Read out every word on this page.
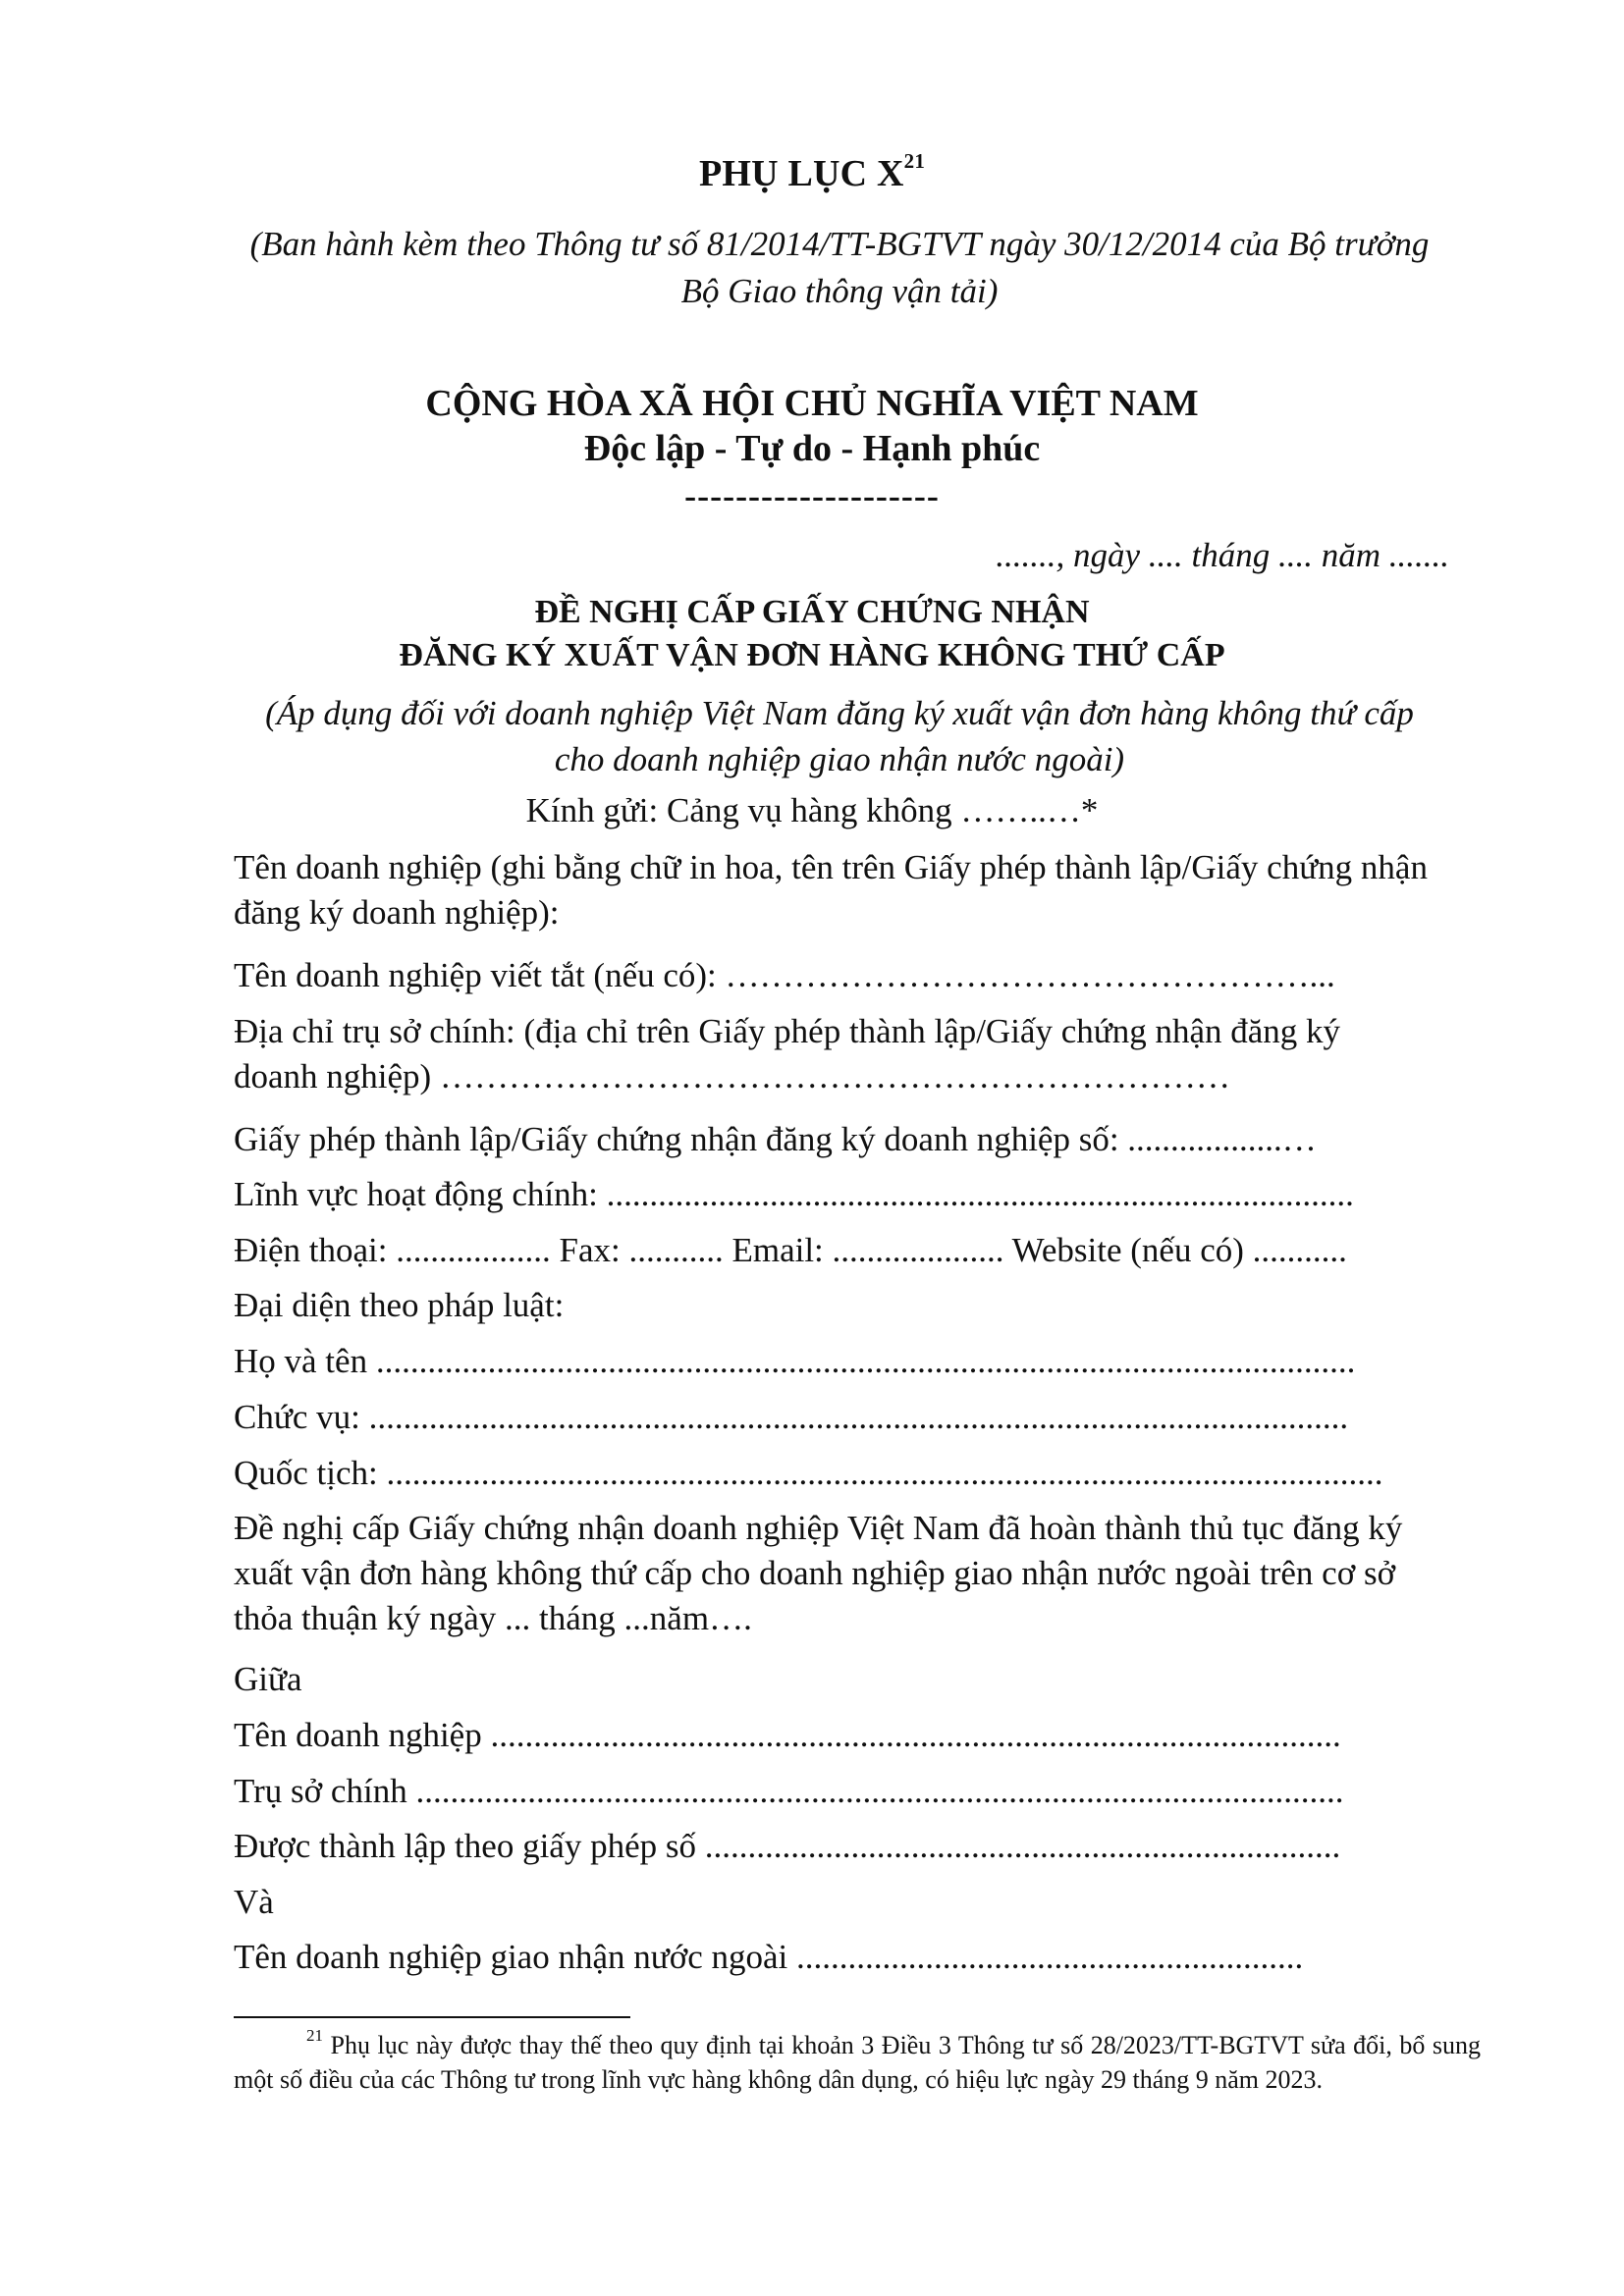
PHỤ LỤC $X^{21}$
(Ban hành kèm theo Thông tư số 81/2014/TT-BGTVT ngày 30/12/2014 của Bộ trưởng
Bộ Giao thông vận tải)
CỘNG HÒA XÃ HỘI CHỦ NGHĨA VIỆT NAM
Độc lập - Tự do - Hạnh phúc
--------------------
......., ngày .... tháng .... năm .......
ĐỀ NGHỊ CẤP GIẤY CHỨNG NHẬN
ĐĂNG KÝ XUẤT VẬN ĐƠN HÀNG KHÔNG THỨ CẤP
(Áp dụng đối với doanh nghiệp Việt Nam đăng ký xuất vận đơn hàng không thứ cấp
cho doanh nghiệp giao nhận nước ngoài)
Kính gửi: Cảng vụ hàng không ……..…*
Tên doanh nghiệp (ghi bằng chữ in hoa, tên trên Giấy phép thành lập/Giấy chứng nhận
đăng ký doanh nghiệp):
Tên doanh nghiệp viết tắt (nếu có): ……………………………………………...
Địa chỉ trụ sở chính: (địa chỉ trên Giấy phép thành lập/Giấy chứng nhận đăng ký
doanh nghiệp) ……………………………………………………………
Giấy phép thành lập/Giấy chứng nhận đăng ký doanh nghiệp số: ..................…
Lĩnh vực hoạt động chính: .......................................................................................
Điện thoại: .................. Fax: ........... Email: .................... Website (nếu có) ...........
Đại diện theo pháp luật:
Họ và tên ..................................................................................................................
Chức vụ: ..................................................................................................................
Quốc tịch: ....................................................................................................................
Đề nghị cấp Giấy chứng nhận doanh nghiệp Việt Nam đã hoàn thành thủ tục đăng ký
xuất vận đơn hàng không thứ cấp cho doanh nghiệp giao nhận nước ngoài trên cơ sở
thỏa thuận ký ngày ... tháng ...năm….
Giữa
Tên doanh nghiệp ...................................................................................................
Trụ sở chính ............................................................................................................
Được thành lập theo giấy phép số ..........................................................................
Và
Tên doanh nghiệp giao nhận nước ngoài ...........................................................
$^{21}$ Phụ lục này được thay thế theo quy định tại khoản 3 Điều 3 Thông tư số 28/2023/TT-BGTVT sửa đổi, bổ sung một số điều của các Thông tư trong lĩnh vực hàng không dân dụng, có hiệu lực ngày 29 tháng 9 năm 2023.
